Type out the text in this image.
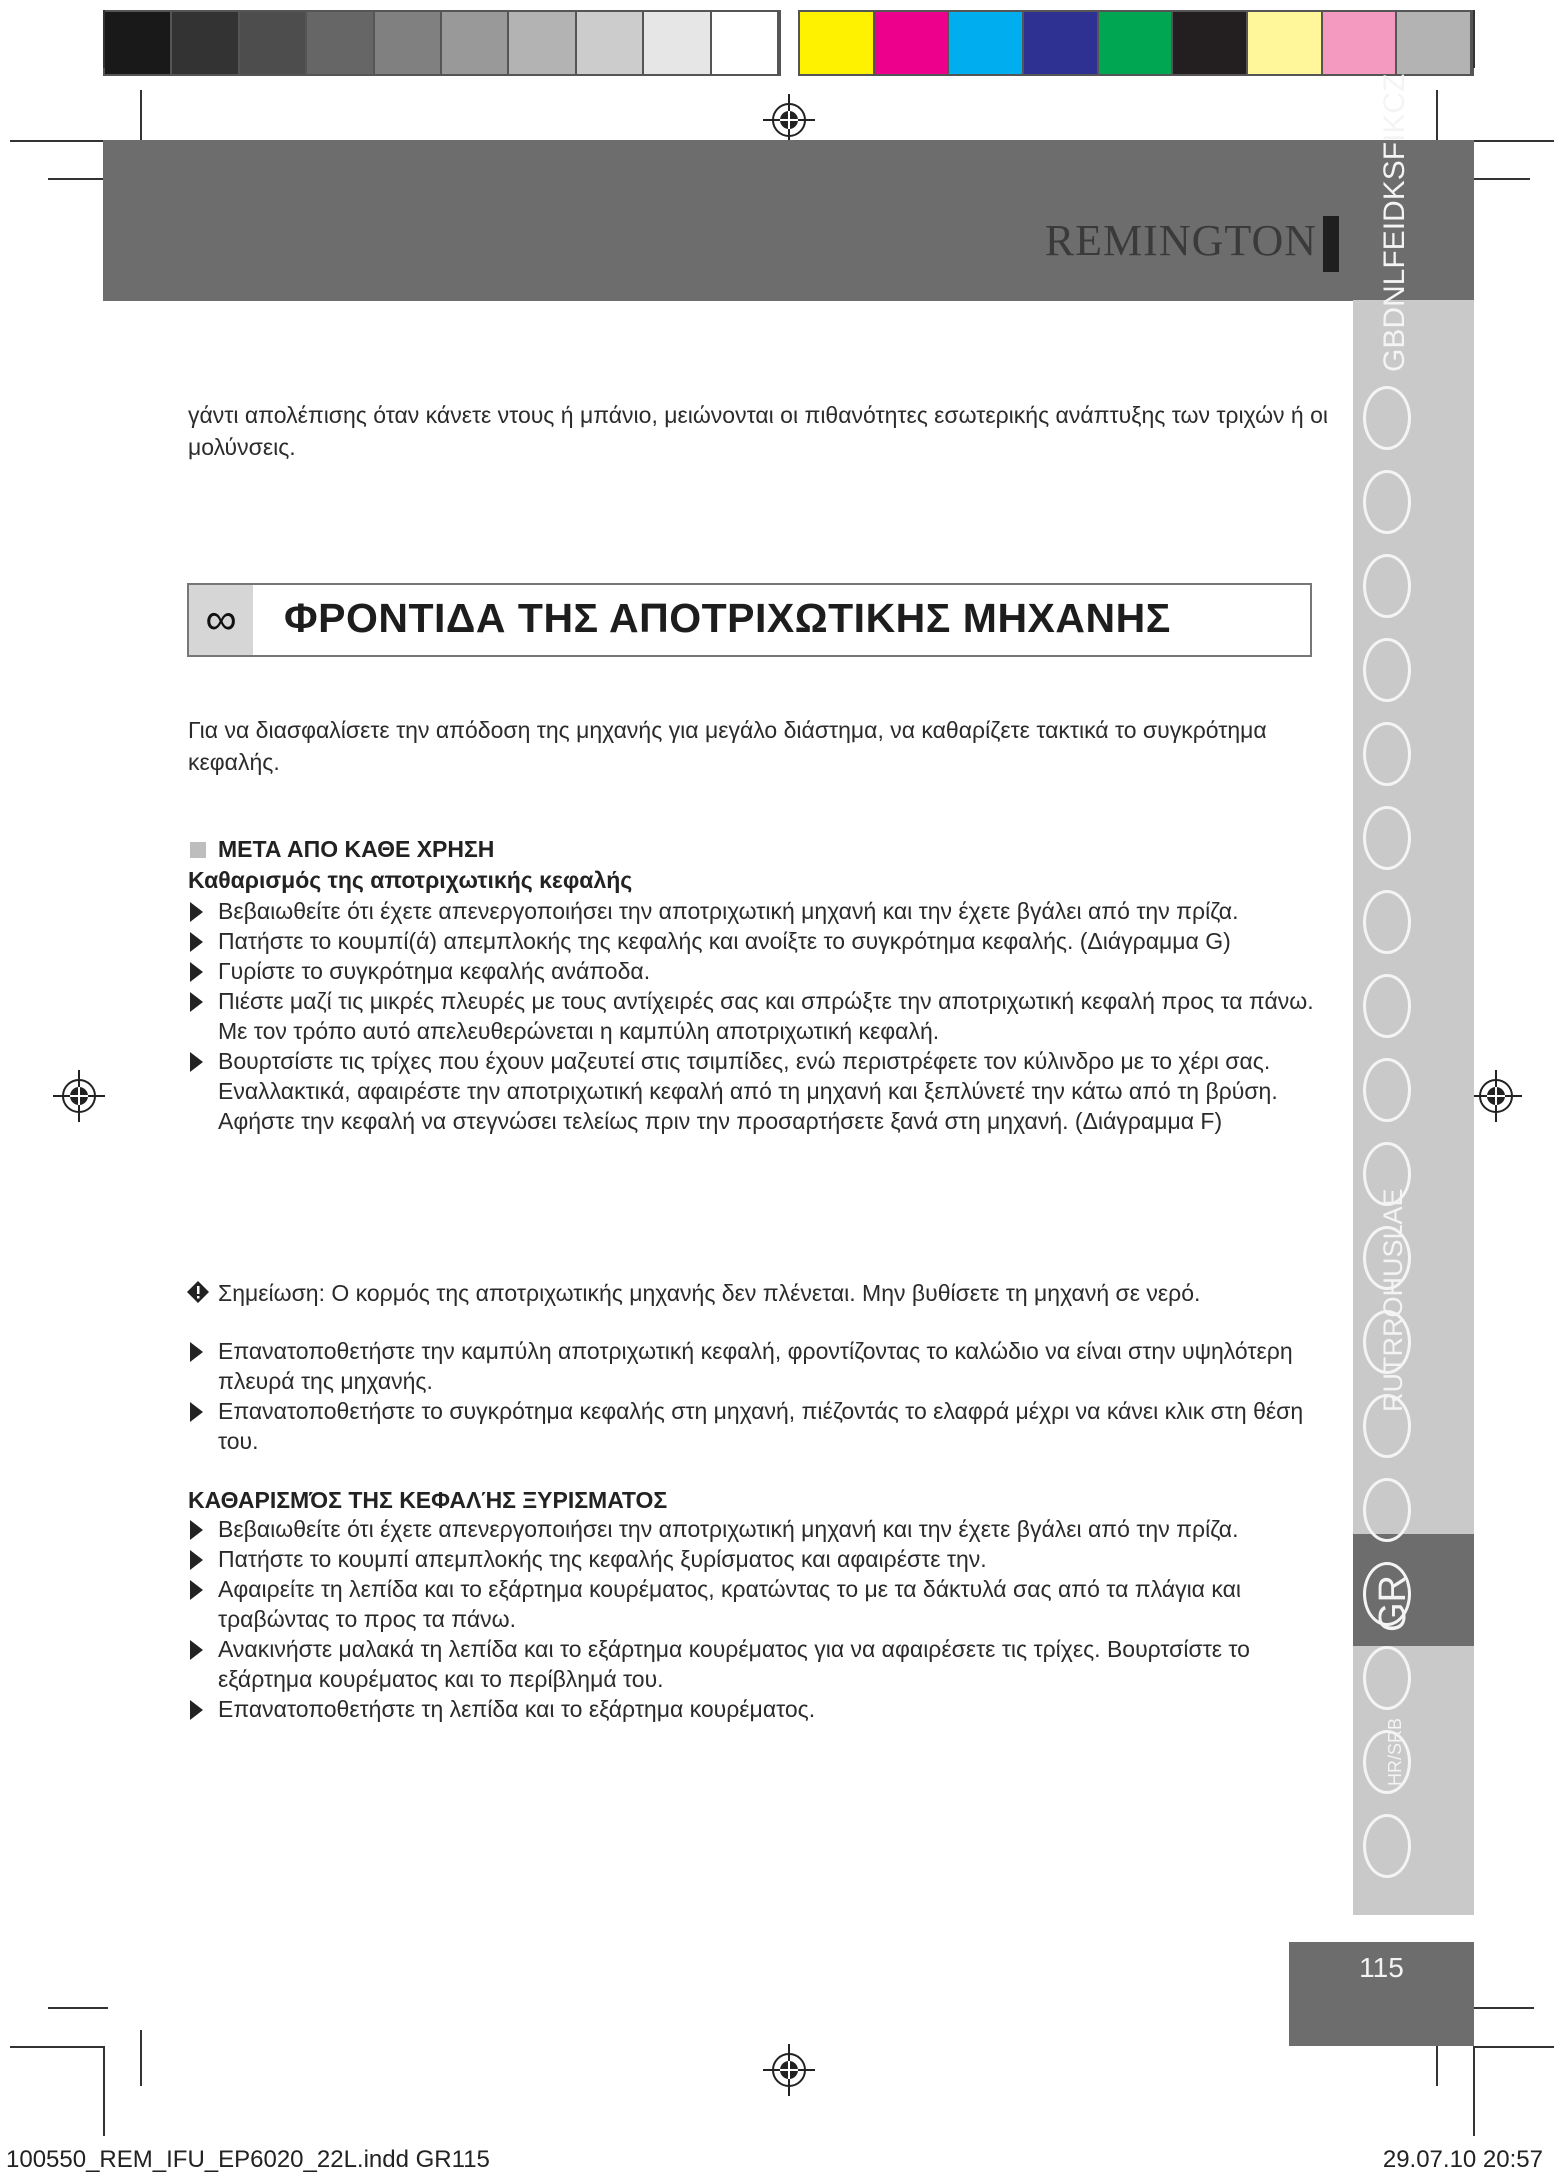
REMINGTON GBDNLFEIDKSFIKCZ
RUTRROHUSLAE
GR
HR/SRB
115
γάντι απολέπισης όταν κάνετε ντους ή μπάνιο, μειώνονται οι πιθανότητες εσωτερικής ανάπτυξης των τριχών ή οι μολύνσεις.
∞	ΦΡΟΝΤΙΔΑ ΤΗΣ ΑΠΟΤΡΙΧΩΤΙΚΗΣ ΜΗΧΑΝΗΣ
Για να διασφαλίσετε την απόδοση της μηχανής για μεγάλο διάστημα, να καθαρίζετε τακτικά το συγκρότημα κεφαλής.
ΜΕΤΑ ΑΠΟ ΚΑΘΕ ΧΡΗΣΗ
Καθαρισμός της αποτριχωτικής κεφαλής
Βεβαιωθείτε ότι έχετε απενεργοποιήσει την αποτριχωτική μηχανή και την έχετε βγάλει από την πρίζα.
Πατήστε το κουμπί(ά) απεμπλοκής της κεφαλής και ανοίξτε το συγκρότημα κεφαλής. (Διάγραμμα G)
Γυρίστε το συγκρότημα κεφαλής ανάποδα.
Πιέστε μαζί τις μικρές πλευρές με τους αντίχειρές σας και σπρώξτε την αποτριχωτική κεφαλή προς τα πάνω. Με τον τρόπο αυτό απελευθερώνεται η καμπύλη αποτριχωτική κεφαλή.
Βουρτσίστε τις τρίχες που έχουν μαζευτεί στις τσιμπίδες, ενώ περιστρέφετε τον κύλινδρο με το χέρι σας. Εναλλακτικά, αφαιρέστε την αποτριχωτική κεφαλή από τη μηχανή και ξεπλύνετέ την κάτω από τη βρύση. Αφήστε την κεφαλή να στεγνώσει τελείως πριν την προσαρτήσετε ξανά στη μηχανή. (Διάγραμμα F)
Σημείωση: Ο κορμός της αποτριχωτικής μηχανής δεν πλένεται. Μην βυθίσετε τη μηχανή σε νερό.
Επανατοποθετήστε την καμπύλη αποτριχωτική κεφαλή, φροντίζοντας το καλώδιο να είναι στην υψηλότερη πλευρά της μηχανής.
Επανατοποθετήστε το συγκρότημα κεφαλής στη μηχανή, πιέζοντάς το ελαφρά μέχρι να κάνει κλικ στη θέση του.
ΚΑΘΑΡΙΣΜΌΣ ΤΗΣ ΚΕΦΑΛΉΣ ΞΥΡΙΣΜΑΤΟΣ
Βεβαιωθείτε ότι έχετε απενεργοποιήσει την αποτριχωτική μηχανή και την έχετε βγάλει από την πρίζα.
Πατήστε το κουμπί απεμπλοκής της κεφαλής ξυρίσματος και αφαιρέστε την.
Αφαιρείτε τη λεπίδα και το εξάρτημα κουρέματος, κρατώντας το με τα δάκτυλά σας από τα πλάγια και τραβώντας το προς τα πάνω.
Ανακινήστε μαλακά τη λεπίδα και το εξάρτημα κουρέματος για να αφαιρέσετε τις τρίχες. Βουρτσίστε το εξάρτημα κουρέματος και το περίβλημά του.
Επανατοποθετήστε τη λεπίδα και το εξάρτημα κουρέματος.
100550_REM_IFU_EP6020_22L.indd GR115	29.07.10 20:57
